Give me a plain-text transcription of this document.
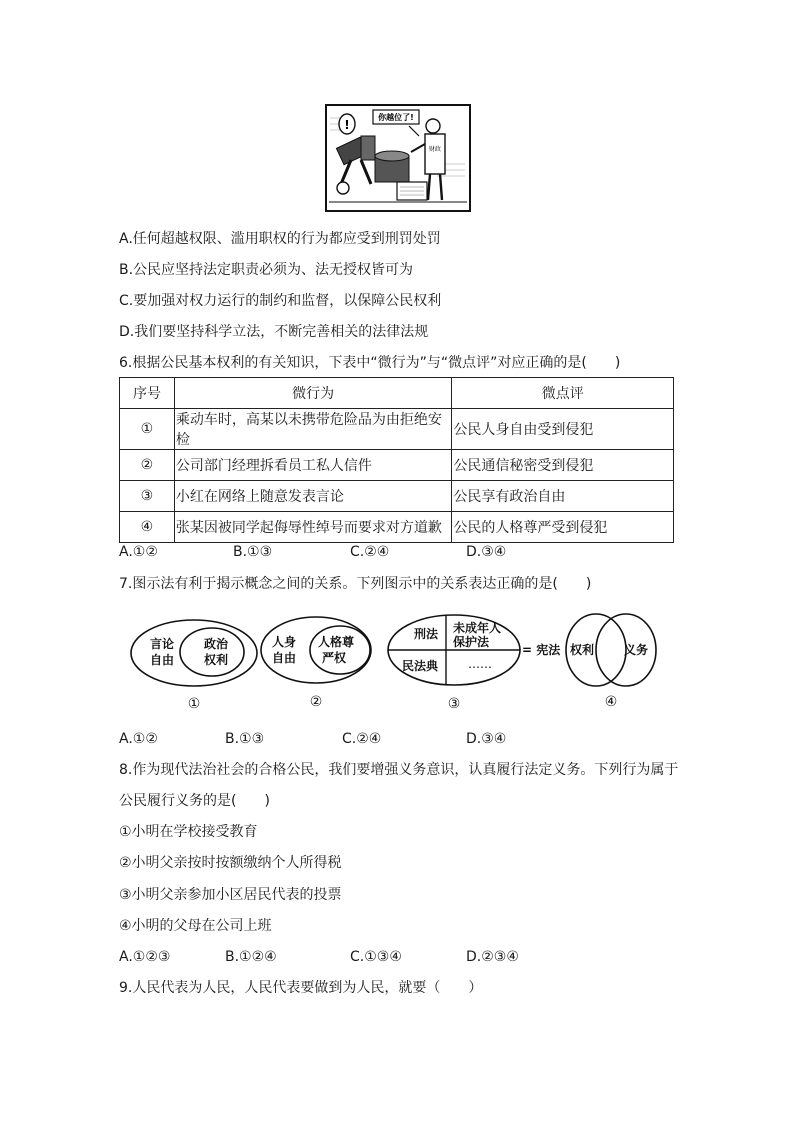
你越位了!
!
财政
A.任何超越权限、滥用职权的行为都应受到刑罚处罚
B.公民应坚持法定职责必须为、法无授权皆可为
C.要加强对权力运行的制约和监督，以保障公民权利
D.我们要坚持科学立法，不断完善相关的法律法规
6.根据公民基本权利的有关知识，下表中“微行为”与“微点评”对应正确的是(　　)
序号	微行为	微点评
①	乘动车时，高某以未携带危险品为由拒绝安检	公民人身自由受到侵犯
②	公司部门经理拆看员工私人信件	公民通信秘密受到侵犯
③	小红在网络上随意发表言论	公民享有政治自由
④	张某因被同学起侮辱性绰号而要求对方道歉	公民的人格尊严受到侵犯
A.①②	B.①③	C.②④	D.③④
7.图示法有利于揭示概念之间的关系。下列图示中的关系表达正确的是(　　)
言论
自由
政治
权利
①
人身
自由
人格尊
严权
②
刑法 未成年人
保护法
民法典 ……
= 宪法
③
权利 义务
④
A.①②	B.①③	C.②④	D.③④
8.作为现代法治社会的合格公民，我们要增强义务意识，认真履行法定义务。下列行为属于
公民履行义务的是(　　)
①小明在学校接受教育
②小明父亲按时按额缴纳个人所得税
③小明父亲参加小区居民代表的投票
④小明的父母在公司上班
A.①②③	B.①②④	C.①③④	D.②③④
9.人民代表为人民，人民代表要做到为人民，就要（　　）
